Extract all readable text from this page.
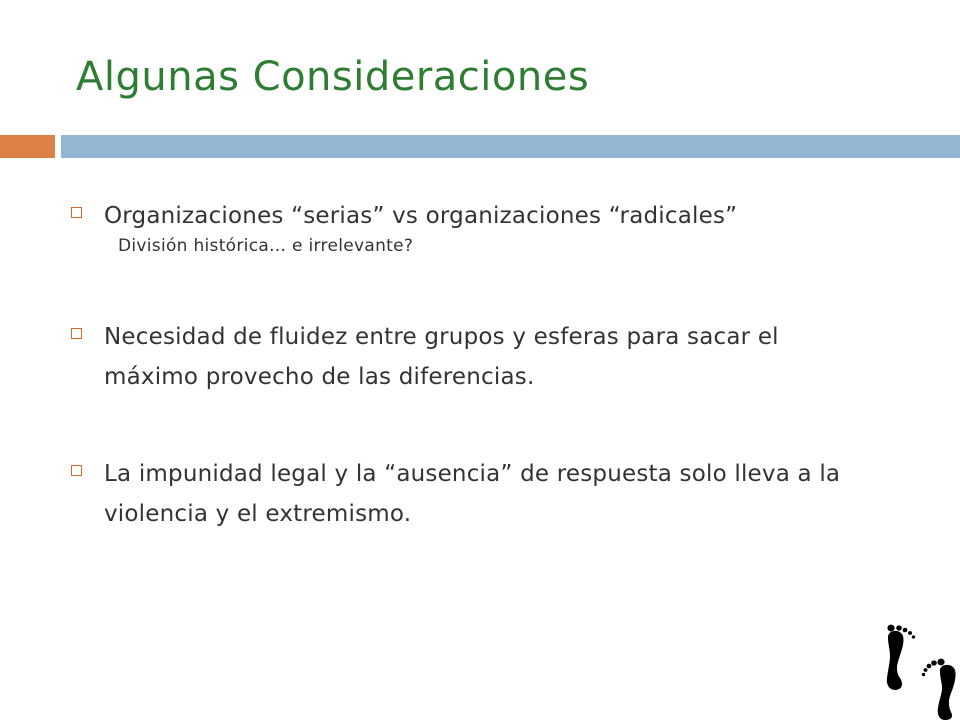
Algunas Consideraciones
Organizaciones “serias” vs organizaciones “radicales”
División histórica… e irrelevante?
Necesidad de fluidez entre grupos y esferas para sacar el máximo provecho de las diferencias.
La impunidad legal y la “ausencia” de respuesta solo lleva a la violencia y el extremismo.
